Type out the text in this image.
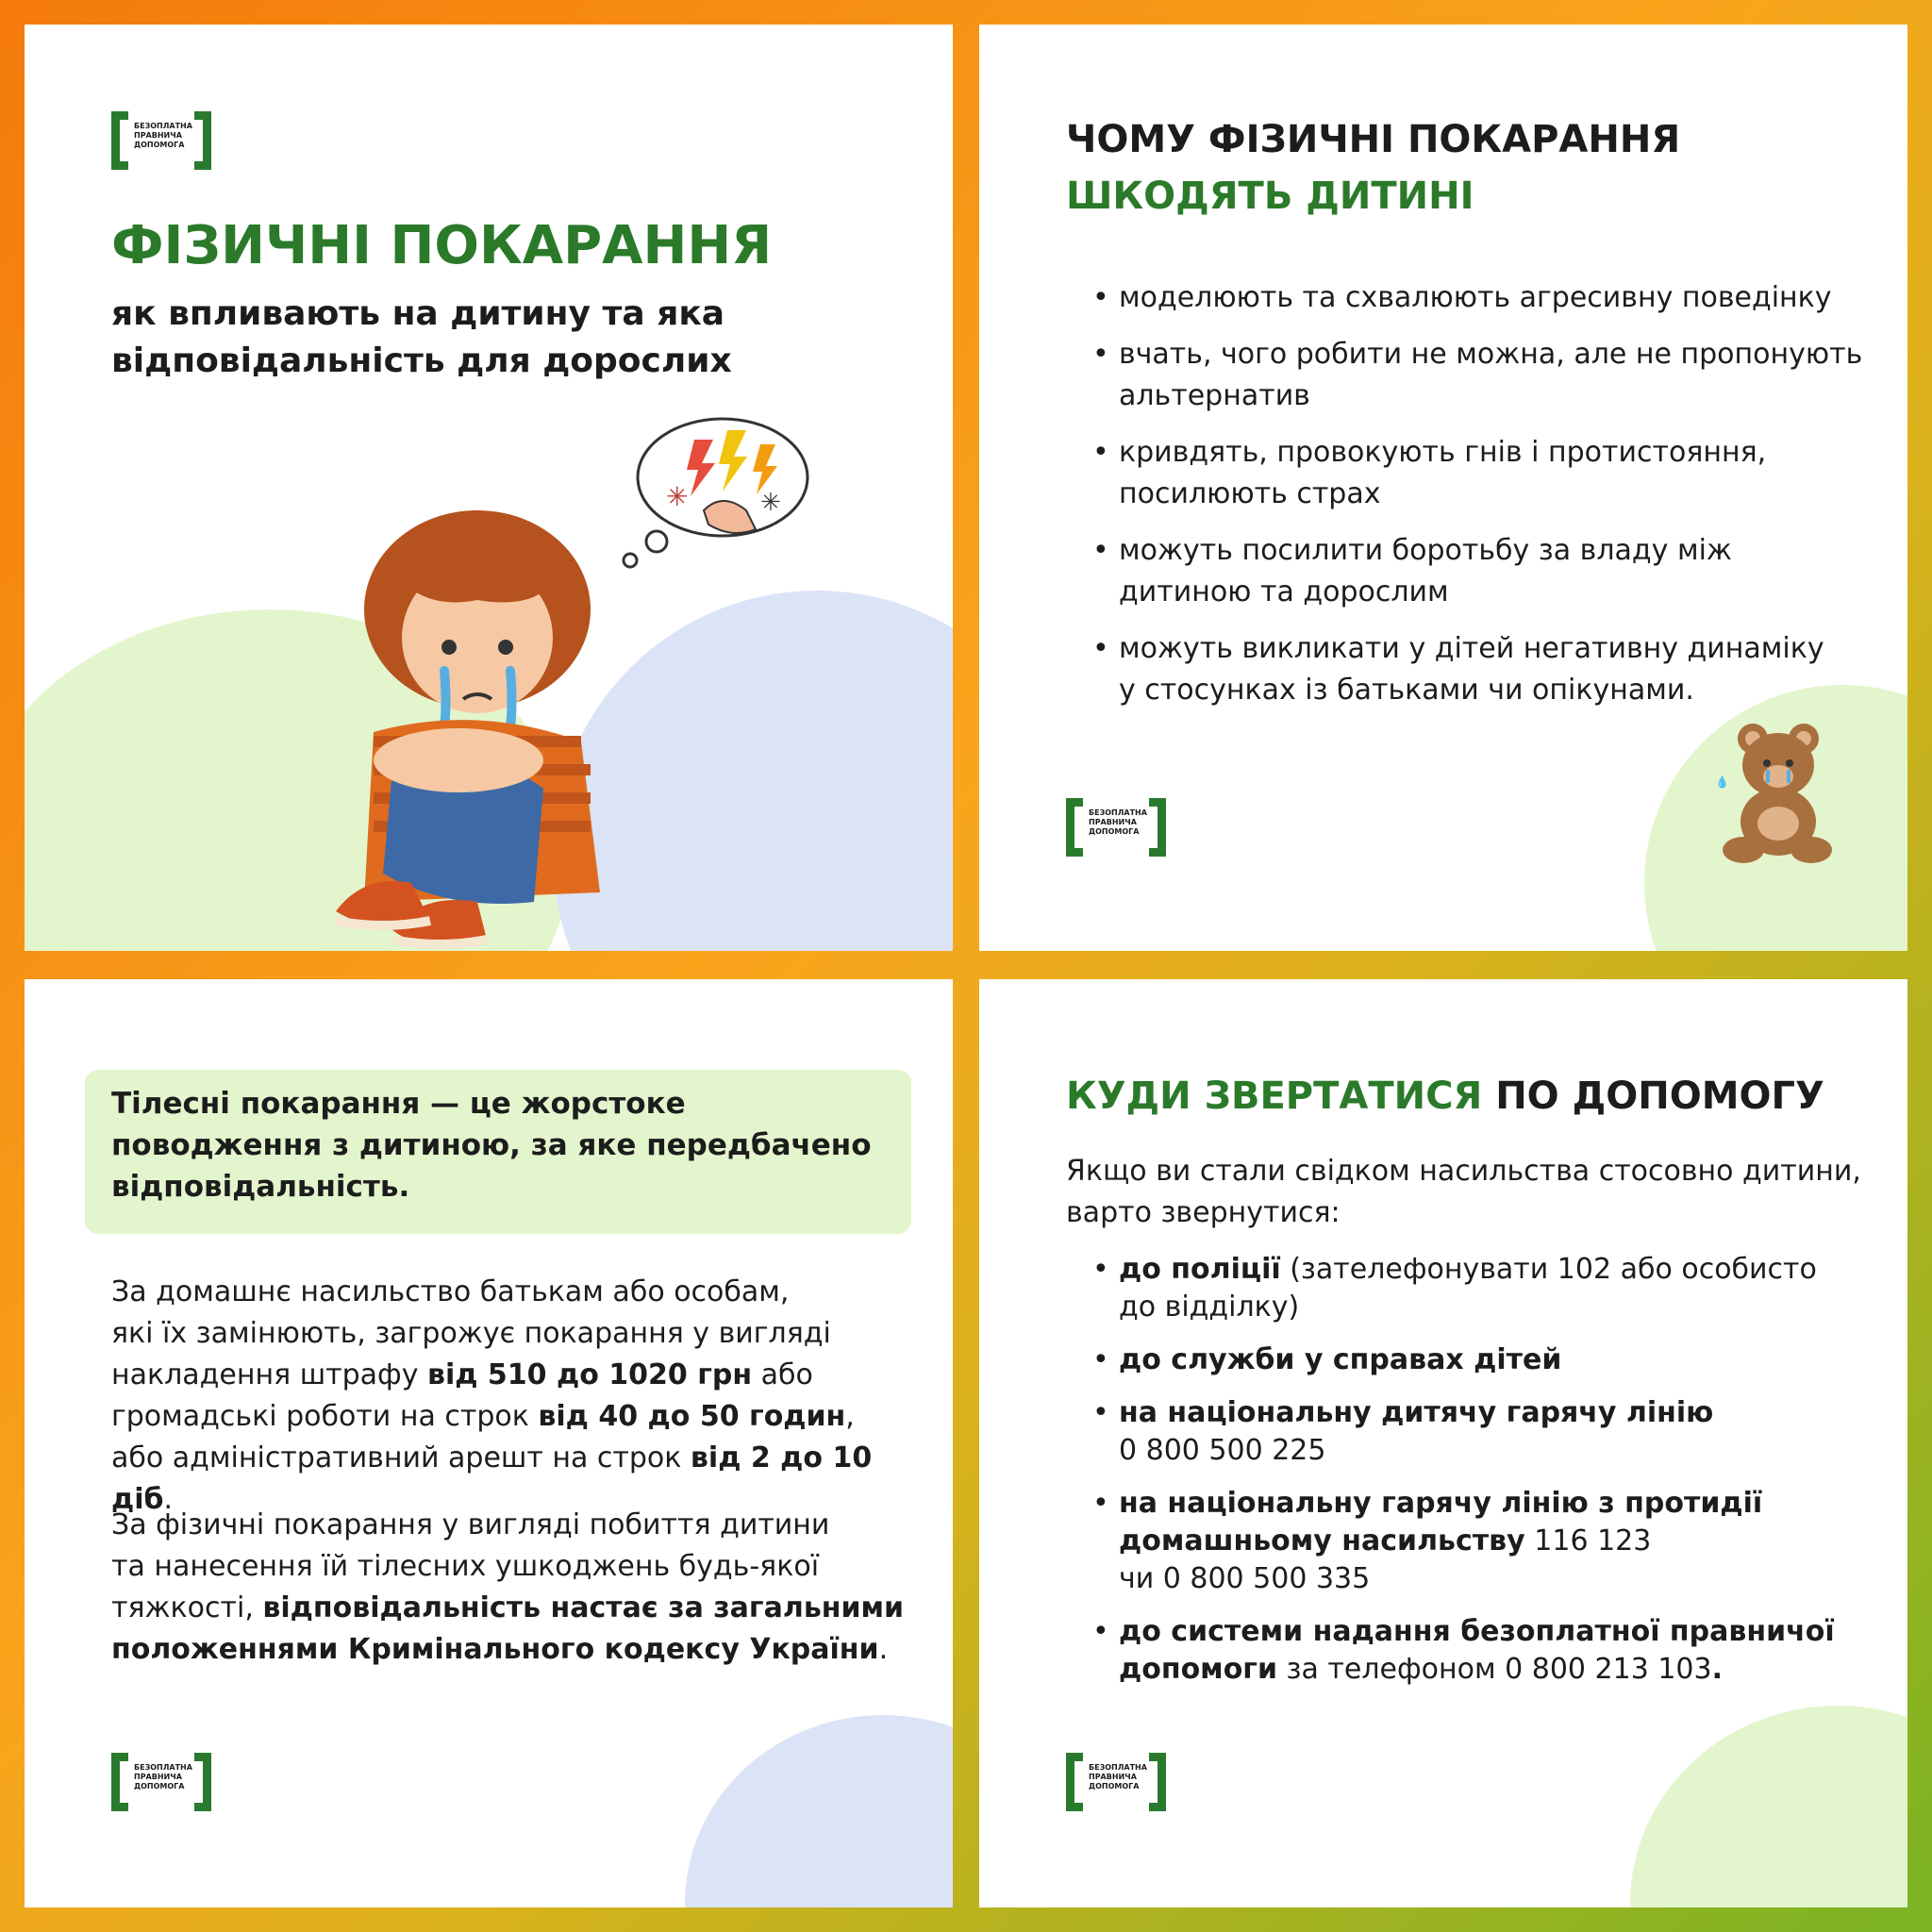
БЕЗОПЛАТНА
ПРАВНИЧА
ДОПОМОГА
ФІЗИЧНІ ПОКАРАННЯ
як впливають на дитину та яка
відповідальність для дорослих
✳	✳
ЧОМУ ФІЗИЧНІ ПОКАРАННЯ
ШКОДЯТЬ ДИТИНІ
• моделюють та схвалюють агресивну поведінку
• вчать, чого робити не можна, але не пропонують
альтернатив
• кривдять, провокують гнів і протистояння,
посилюють страх
• можуть посилити боротьбу за владу між
дитиною та дорослим
• можуть викликати у дітей негативну динаміку
у стосунках із батьками чи опікунами.
БЕЗОПЛАТНА
ПРАВНИЧА
ДОПОМОГА
💧
Тілесні покарання — це жорстоке
поводження з дитиною, за яке передбачено
відповідальність.
За домашнє насильство батькам або особам,
які їх замінюють, загрожує покарання у вигляді
накладення штрафу від 510 до 1020 грн або
громадські роботи на строк від 40 до 50 годин,
або адміністративний арешт на строк від 2 до 10 діб.
За фізичні покарання у вигляді побиття дитини
та нанесення їй тілесних ушкоджень будь-якої
тяжкості, відповідальність настає за загальними
положеннями Кримінального кодексу України.
БЕЗОПЛАТНА
ПРАВНИЧА
ДОПОМОГА
КУДИ ЗВЕРТАТИСЯ ПО ДОПОМОГУ
Якщо ви стали свідком насильства стосовно дитини,
варто звернутися:
• до поліції (зателефонувати 102 або особисто
до відділку)
• до служби у справах дітей
• на національну дитячу гарячу лінію
0 800 500 225
• на національну гарячу лінію з протидії
домашньому насильству 116 123
чи 0 800 500 335
• до системи надання безоплатної правничої
допомоги за телефоном 0 800 213 103.
БЕЗОПЛАТНА
ПРАВНИЧА
ДОПОМОГА
